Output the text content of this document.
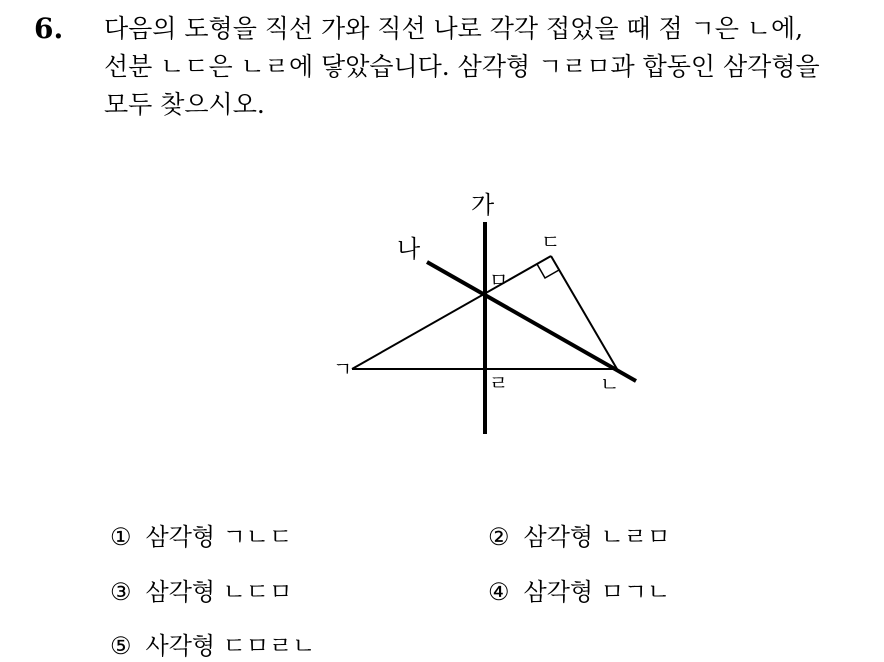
6. 다음의 도형을 직선 가와 직선 나로 각각 접었을 때 점 ㄱ은 ㄴ에,
선분 ㄴㄷ은 ㄴㄹ에 닿았습니다. 삼각형 ㄱㄹㅁ과 합동인 삼각형을
모두 찾으시오.
가
나
ㄱ
ㄴ
ㄷ
ㄹ
ㅁ
① 삼각형 ㄱㄴㄷ	② 삼각형 ㄴㄹㅁ
③ 삼각형 ㄴㄷㅁ	④ 삼각형 ㅁㄱㄴ
⑤ 사각형 ㄷㅁㄹㄴ
